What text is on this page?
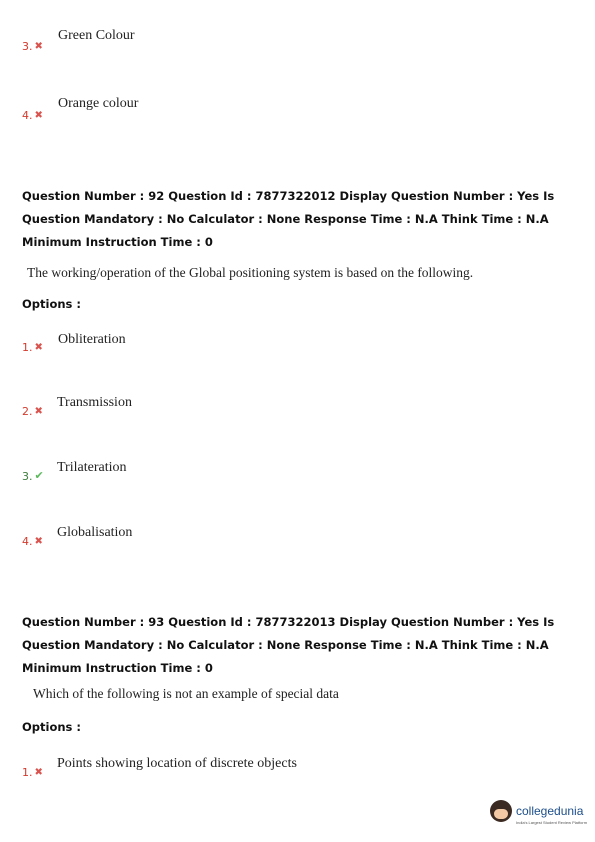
Green Colour
3. ✖
Orange colour
4. ✖
Question Number : 92 Question Id : 7877322012 Display Question Number : Yes Is Question Mandatory : No Calculator : None Response Time : N.A Think Time : N.A Minimum Instruction Time : 0
The working/operation of the Global positioning system is based on the following.
Options :
Obliteration
1. ✖
Transmission
2. ✖
Trilateration
3. ✔
Globalisation
4. ✖
Question Number : 93 Question Id : 7877322013 Display Question Number : Yes Is Question Mandatory : No Calculator : None Response Time : N.A Think Time : N.A Minimum Instruction Time : 0
Which of the following is not an example of special data
Options :
Points showing location of discrete objects
1. ✖
collegedunia
India's Largest Student Review Platform
